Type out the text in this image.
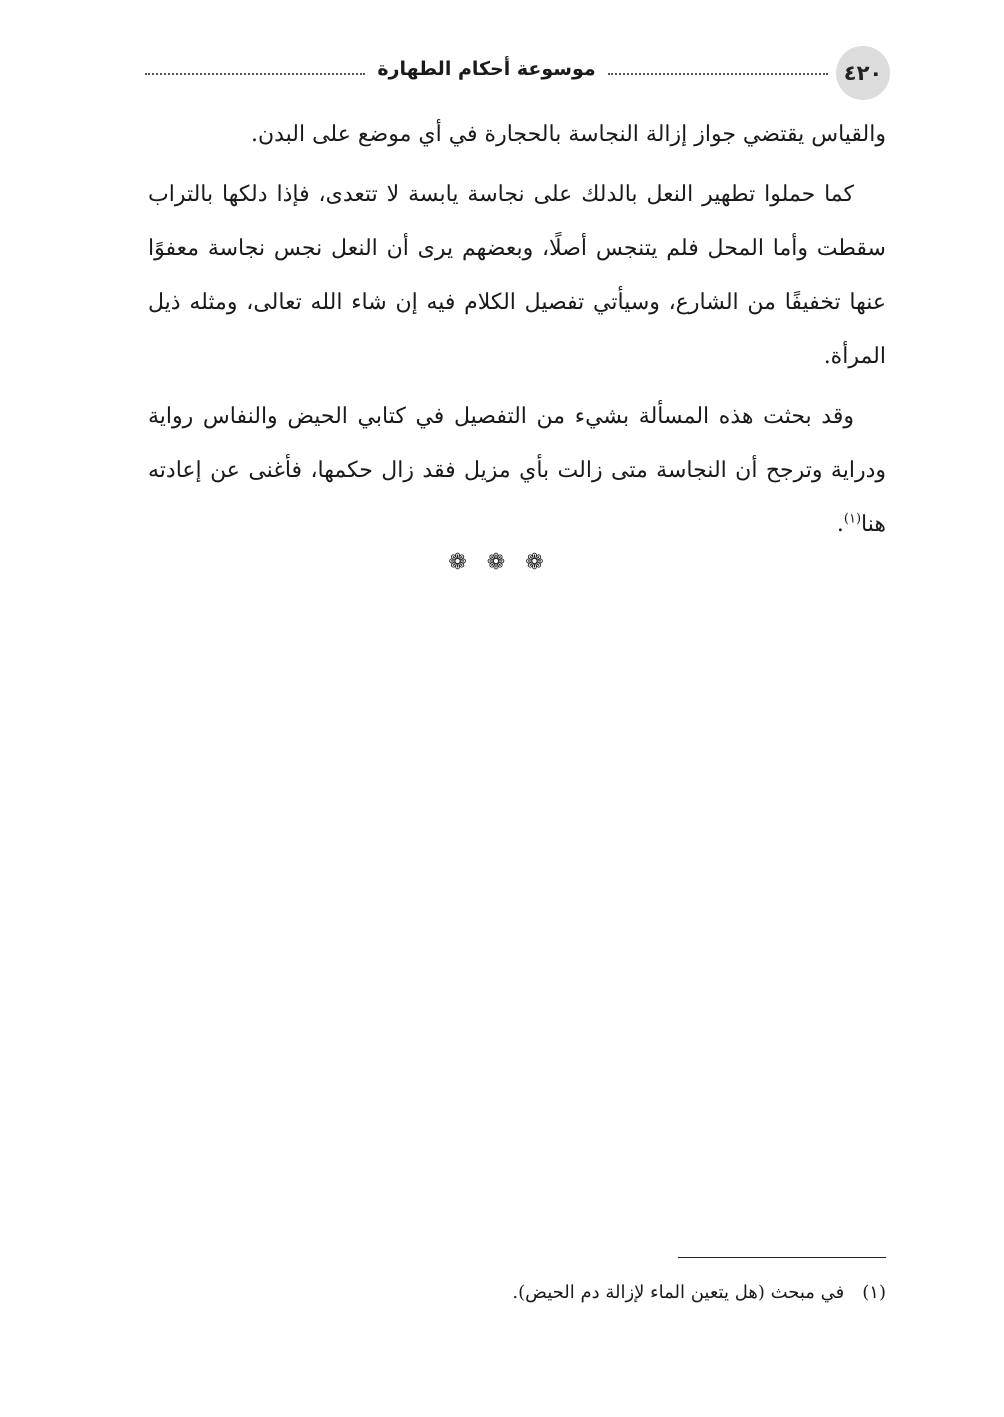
٤٢٠
موسوعة أحكام الطهارة

والقياس يقتضي جواز إزالة النجاسة بالحجارة في أي موضع على البدن.

كما حملوا تطهير النعل بالدلك على نجاسة يابسة لا تتعدى، فإذا دلكها بالتراب سقطت وأما المحل فلم يتنجس أصلًا، وبعضهم يرى أن النعل نجس نجاسة معفوًا عنها تخفيفًا من الشارع، وسيأتي تفصيل الكلام فيه إن شاء الله تعالى، ومثله ذيل المرأة.

وقد بحثت هذه المسألة بشيء من التفصيل في كتابي الحيض والنفاس رواية ودراية وترجح أن النجاسة متى زالت بأي مزيل فقد زال حكمها، فأغنى عن إعادته هنا$^{(١)}$.

❁❁❁
(١)في مبحث (هل يتعين الماء لإزالة دم الحيض).
